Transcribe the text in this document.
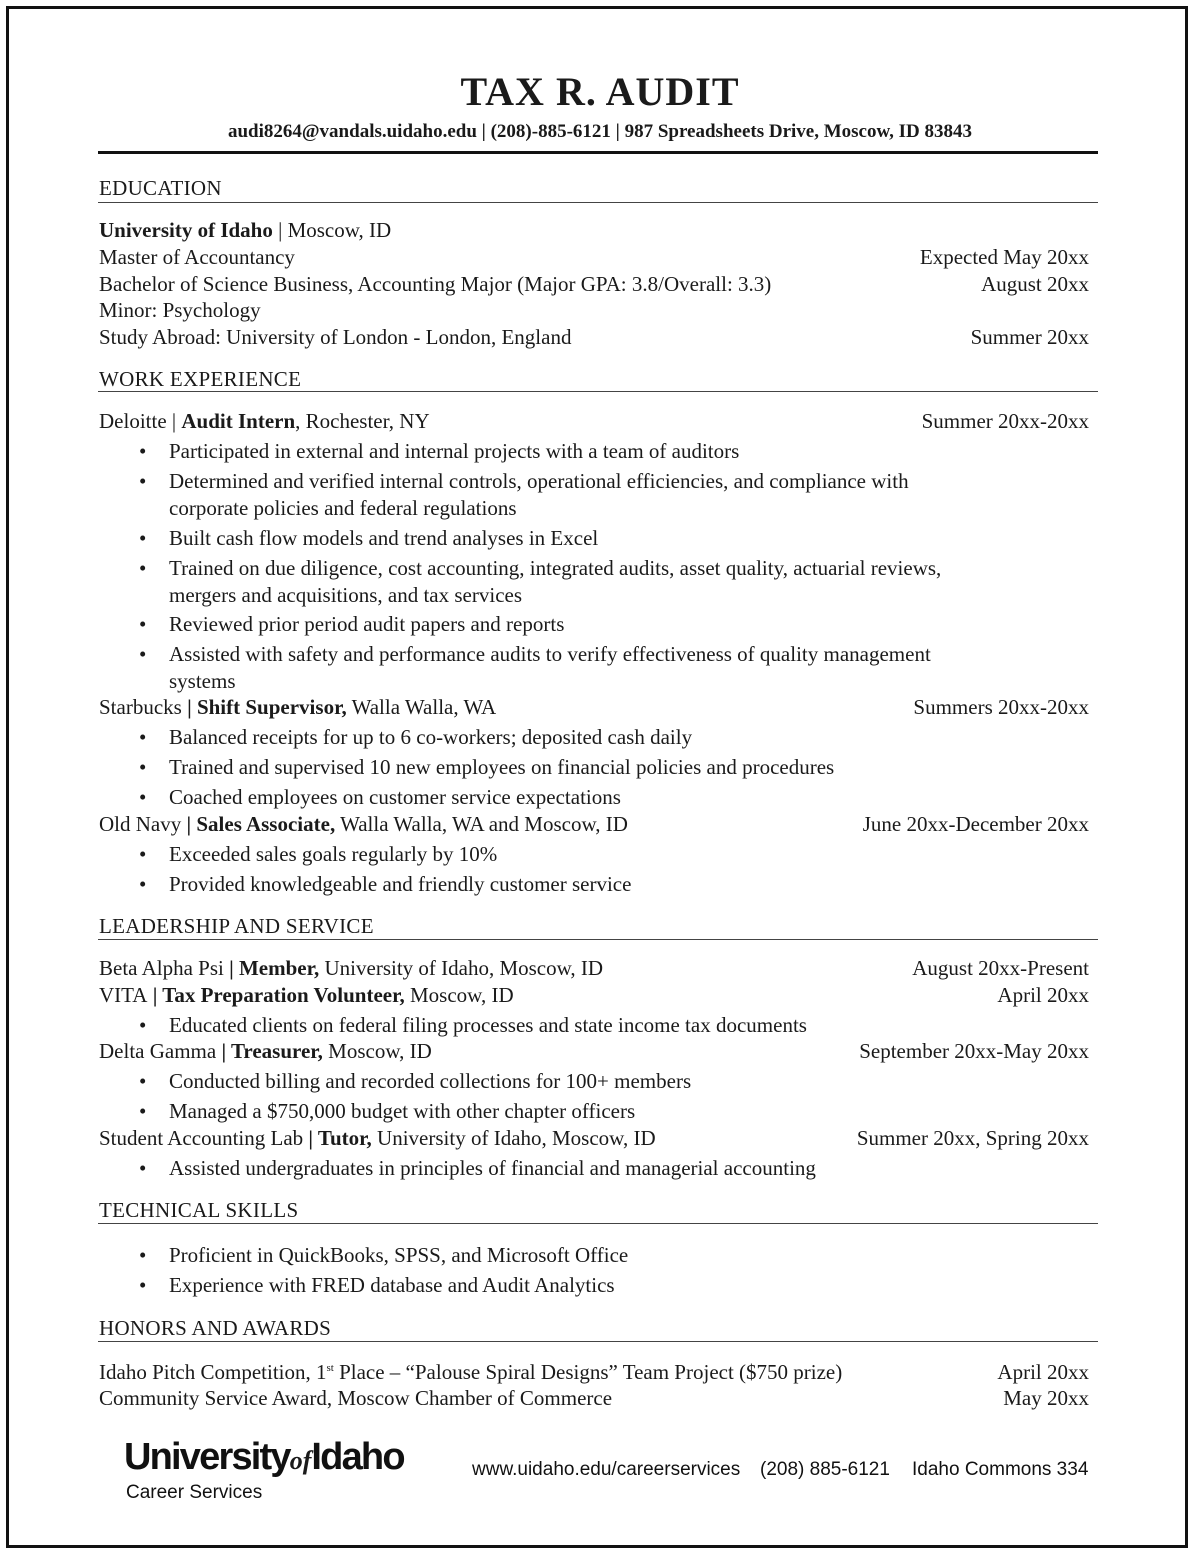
TAX R. AUDIT
audi8264@vandals.uidaho.edu | (208)-885-6121 | 987 Spreadsheets Drive, Moscow, ID 83843
EDUCATION
University of Idaho | Moscow, ID
Master of Accountancy	Expected May 20xx
Bachelor of Science Business, Accounting Major (Major GPA: 3.8/Overall: 3.3)	August 20xx
Minor: Psychology
Study Abroad: University of London - London, England	Summer 20xx
WORK EXPERIENCE
Deloitte | Audit Intern, Rochester, NY	Summer 20xx-20xx
• Participated in external and internal projects with a team of auditors
• Determined and verified internal controls, operational efficiencies, and compliance with corporate policies and federal regulations
• Built cash flow models and trend analyses in Excel
• Trained on due diligence, cost accounting, integrated audits, asset quality, actuarial reviews, mergers and acquisitions, and tax services
• Reviewed prior period audit papers and reports
• Assisted with safety and performance audits to verify effectiveness of quality management systems
Starbucks | Shift Supervisor, Walla Walla, WA	Summers 20xx-20xx
• Balanced receipts for up to 6 co-workers; deposited cash daily
• Trained and supervised 10 new employees on financial policies and procedures
• Coached employees on customer service expectations
Old Navy | Sales Associate, Walla Walla, WA and Moscow, ID	June 20xx-December 20xx
• Exceeded sales goals regularly by 10%
• Provided knowledgeable and friendly customer service
LEADERSHIP AND SERVICE
Beta Alpha Psi | Member, University of Idaho, Moscow, ID	August 20xx-Present
VITA | Tax Preparation Volunteer, Moscow, ID	April 20xx
• Educated clients on federal filing processes and state income tax documents
Delta Gamma | Treasurer, Moscow, ID	September 20xx-May 20xx
• Conducted billing and recorded collections for 100+ members
• Managed a $750,000 budget with other chapter officers
Student Accounting Lab | Tutor, University of Idaho, Moscow, ID	Summer 20xx, Spring 20xx
• Assisted undergraduates in principles of financial and managerial accounting
TECHNICAL SKILLS
• Proficient in QuickBooks, SPSS, and Microsoft Office
• Experience with FRED database and Audit Analytics
HONORS AND AWARDS
Idaho Pitch Competition, 1st Place – “Palouse Spiral Designs” Team Project ($750 prize)	April 20xx
Community Service Award, Moscow Chamber of Commerce	May 20xx
UniversityofIdaho
Career Services
www.uidaho.edu/careerservices (208) 885-6121 Idaho Commons 334
